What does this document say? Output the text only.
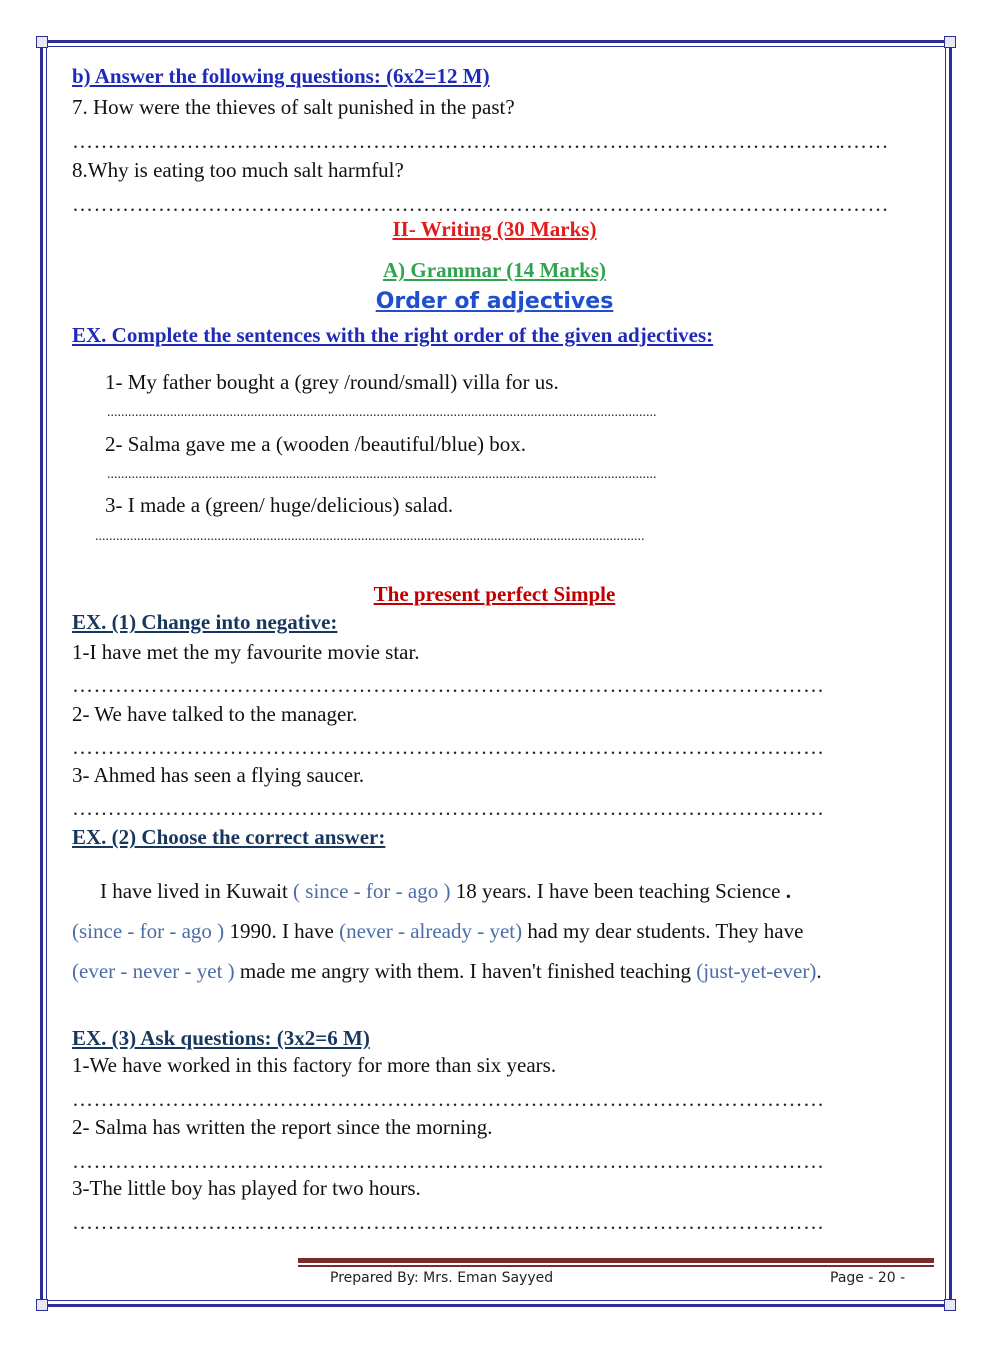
b) Answer the following questions: (6x2=12 M)
7. How were the thieves of salt punished in the past?
……………………………………………………………………………………………………
8.Why is eating too much salt harmful?
……………………………………………………………………………………………………
II- Writing (30 Marks)
A) Grammar (14 Marks)
Order of adjectives
EX. Complete the sentences with the right order of the given adjectives:
1- My father bought a (grey /round/small) villa for us.
.............................................................................................................................................................
2- Salma gave me a (wooden /beautiful/blue) box.
.............................................................................................................................................................
3- I made a (green/ huge/delicious) salad.
.............................................................................................................................................................
The present perfect Simple
EX. (1) Change into negative:
1-I have met the my favourite movie star.
……………………………………………………………………………………………
2- We have talked to the manager.
……………………………………………………………………………………………
3- Ahmed has seen a flying saucer.
……………………………………………………………………………………………
EX. (2) Choose the correct answer:
I have lived in Kuwait ( since - for - ago ) 18 years. I have been teaching Science .
(since - for - ago ) 1990. I have (never - already - yet) had my dear students. They have
(ever - never - yet ) made me angry with them. I haven't finished teaching (just-yet-ever).
EX. (3) Ask questions: (3x2=6 M)
1-We have worked in this factory for more than six years.
……………………………………………………………………………………………
2- Salma has written the report since the morning.
……………………………………………………………………………………………
3-The little boy has played for two hours.
……………………………………………………………………………………………
Prepared By: Mrs. Eman Sayyed	Page - 20 -
